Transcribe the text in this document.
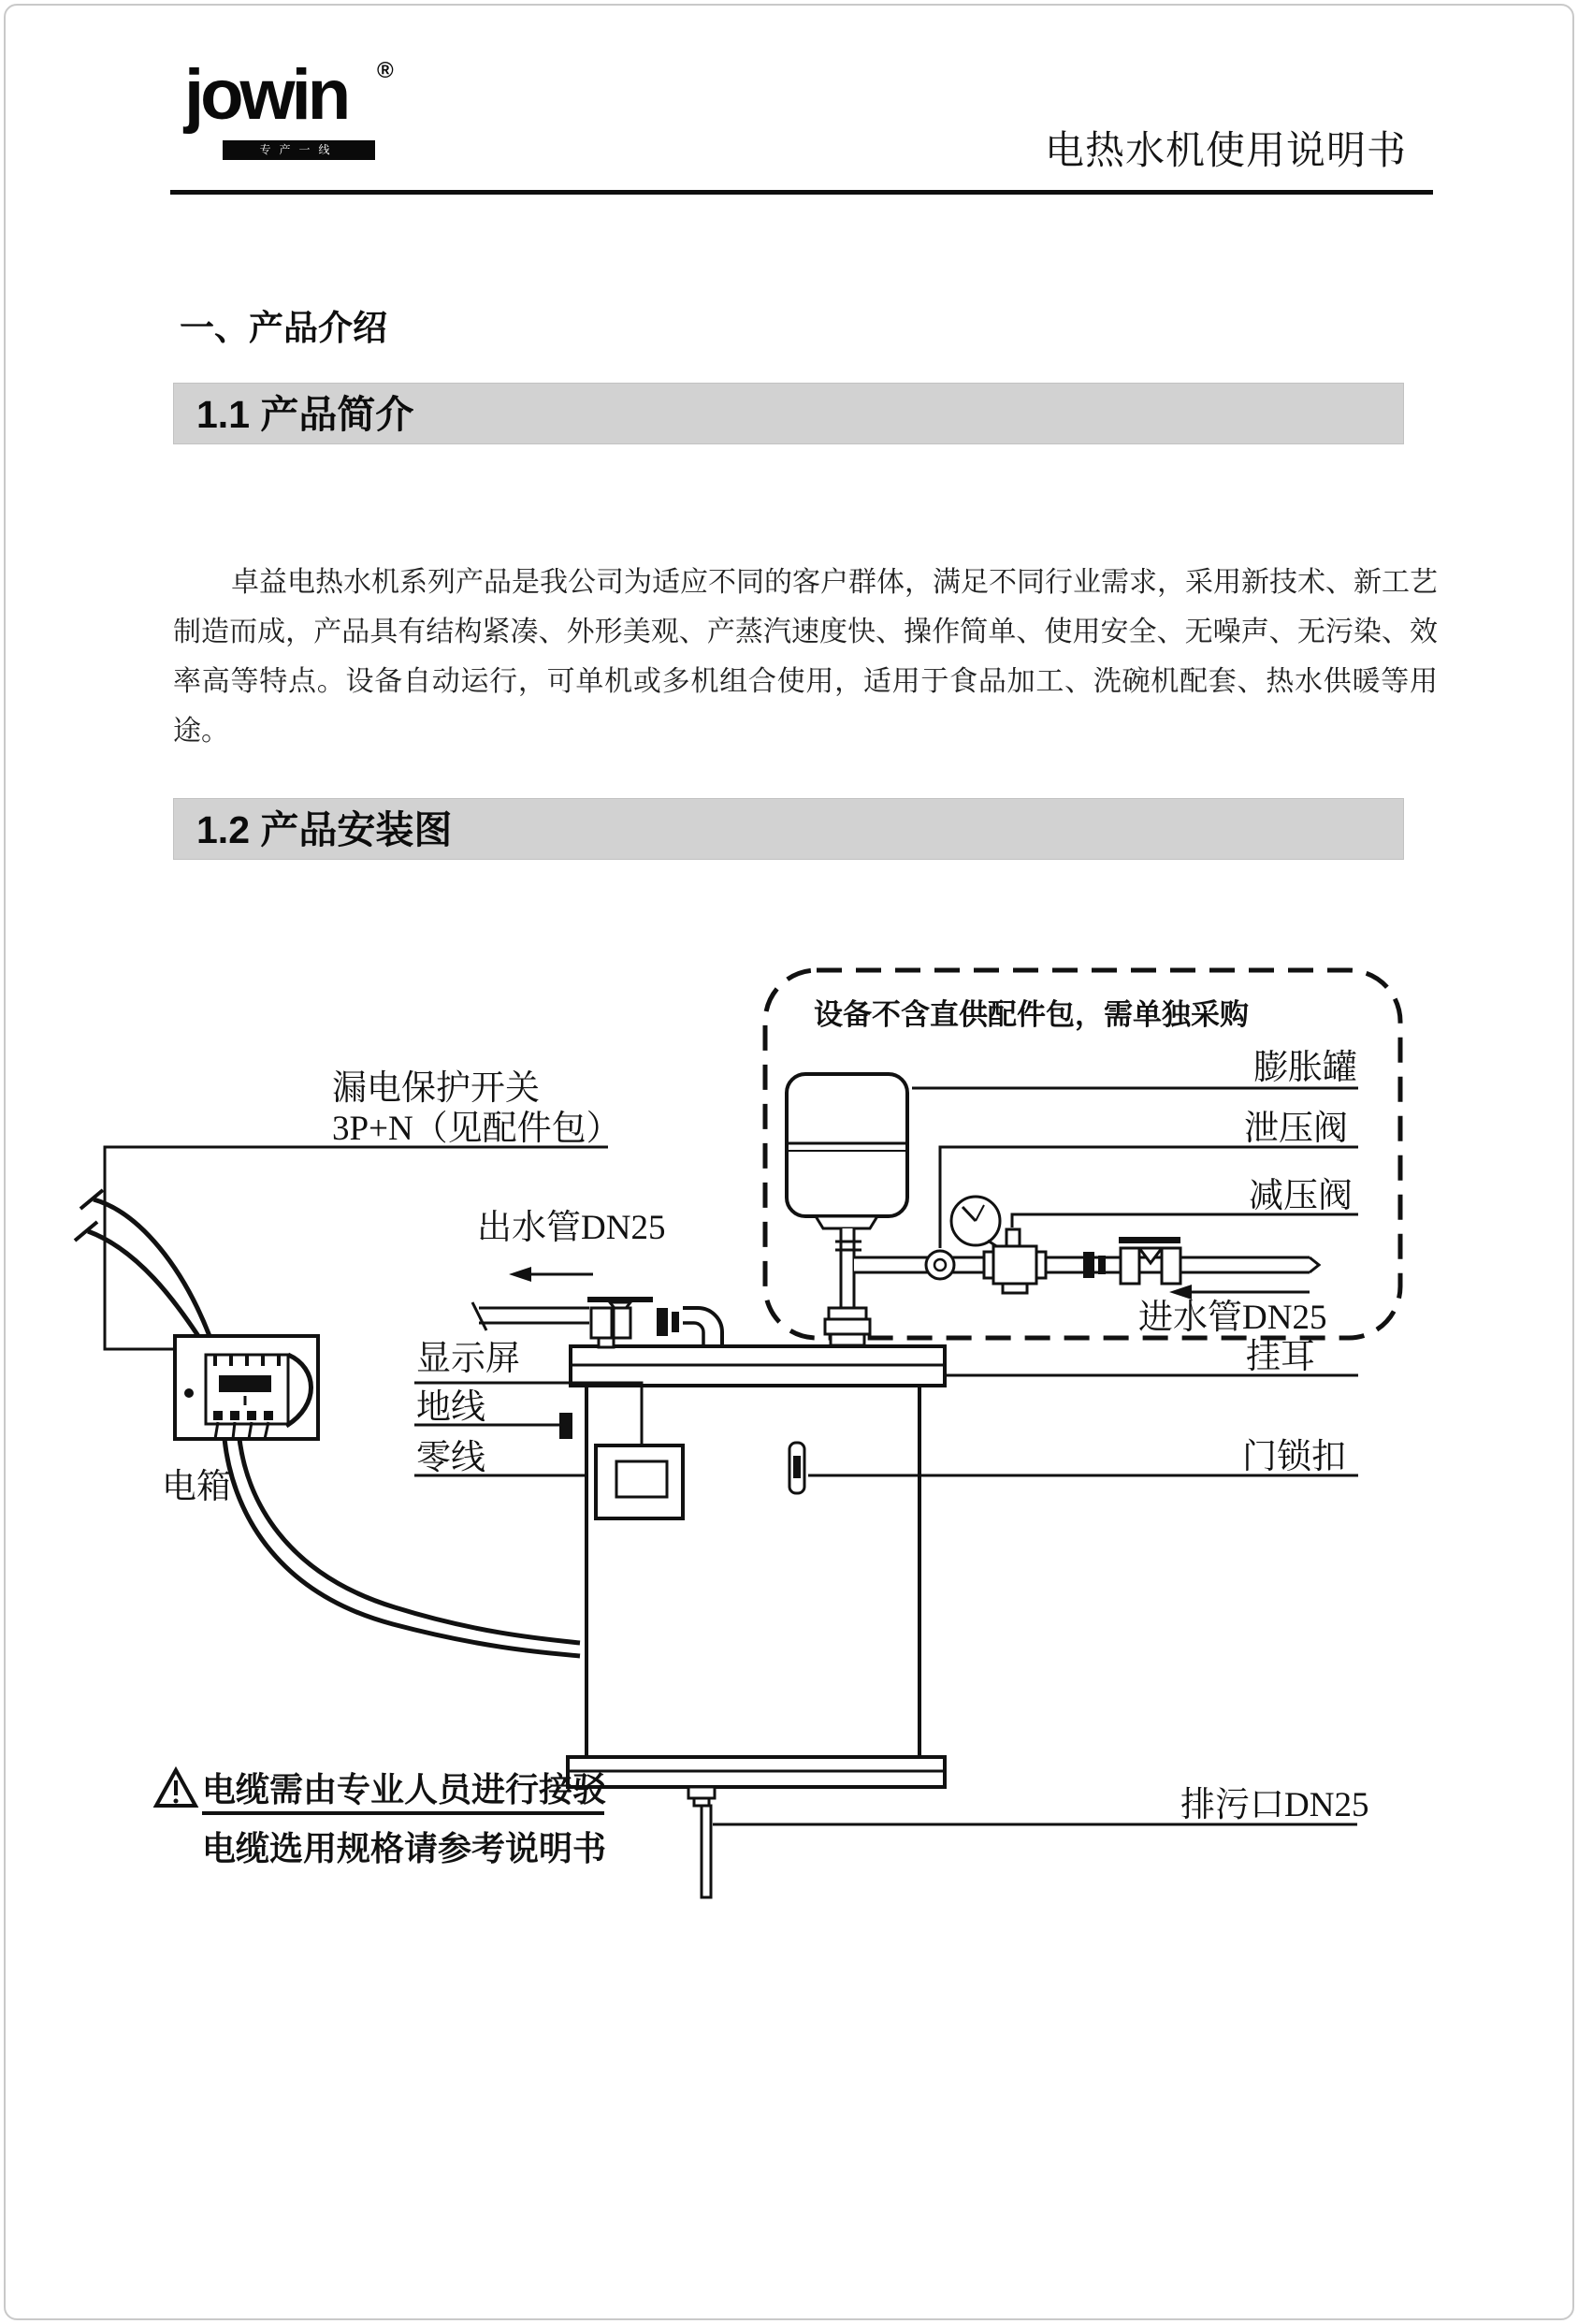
jowin ®
专产一线	电热水机使用说明书
一、产品介绍
1.1 产品简介

卓益电热水机系列产品是我公司为适应不同的客户群体，满足不同行业需求，采用新技术、新工艺制造而成，产品具有结构紧凑、外形美观、产蒸汽速度快、操作简单、使用安全、无噪声、无污染、效率高等特点。设备自动运行，可单机或多机组合使用，适用于食品加工、洗碗机配套、热水供暖等用途。

1.2 产品安装图
设备不含直供配件包，需单独采购
漏电保护开关
3P+N（见配件包）
出水管DN25
显示屏
地线
零线
电箱
膨胀罐
泄压阀
减压阀
进水管DN25
挂耳
门锁扣
排污口DN25
电缆需由专业人员进行接驳
电缆选用规格请参考说明书
